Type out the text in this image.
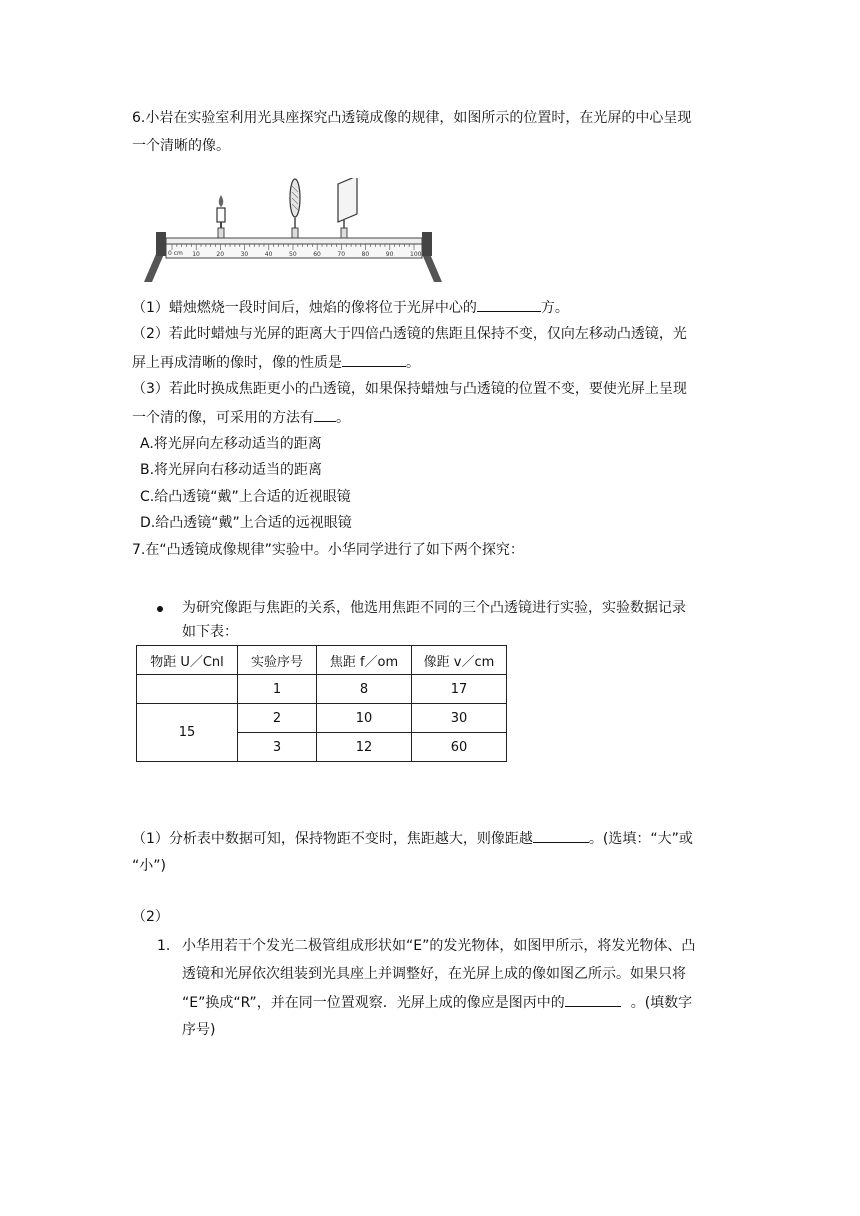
6.小岩在实验室利用光具座探究凸透镜成像的规律，如图所示的位置时，在光屏的中心呈现
一个清晰的像。
0 cm 10	20	30	40	50	60	70	80	90	100
（1）蜡烛燃烧一段时间后，烛焰的像将位于光屏中心的	方。
（2）若此时蜡烛与光屏的距离大于四倍凸透镜的焦距且保持不变，仅向左移动凸透镜，光
屏上再成清晰的像时，像的性质是	。
（3）若此时换成焦距更小的凸透镜，如果保持蜡烛与凸透镜的位置不变，要使光屏上呈现
一个清的像，可采用的方法有 。
A.将光屏向左移动适当的距离
B.将光屏向右移动适当的距离
C.给凸透镜“戴”上合适的近视眼镜
D.给凸透镜“戴”上合适的远视眼镜
7.在“凸透镜成像规律”实验中。小华同学进行了如下两个探究：
为研究像距与焦距的关系，他选用焦距不同的三个凸透镜进行实验，实验数据记录
如下表：
物距 U／Cnl	实验序号	焦距 f／om	像距 v／cm
	1	8	17
15	2	10	30
	3	12	60
（1）分析表中数据可知，保持物距不变时，焦距越大，则像距越	。(选填：“大”或
“小”)
（2）
1. 小华用若干个发光二极管组成形状如“E”的发光物体，如图甲所示，将发光物体、凸
透镜和光屏依次组装到光具座上并调整好，在光屏上成的像如图乙所示。如果只将
“E”换成“R”，并在同一位置观察．光屏上成的像应是图丙中的	。(填数字
序号)
